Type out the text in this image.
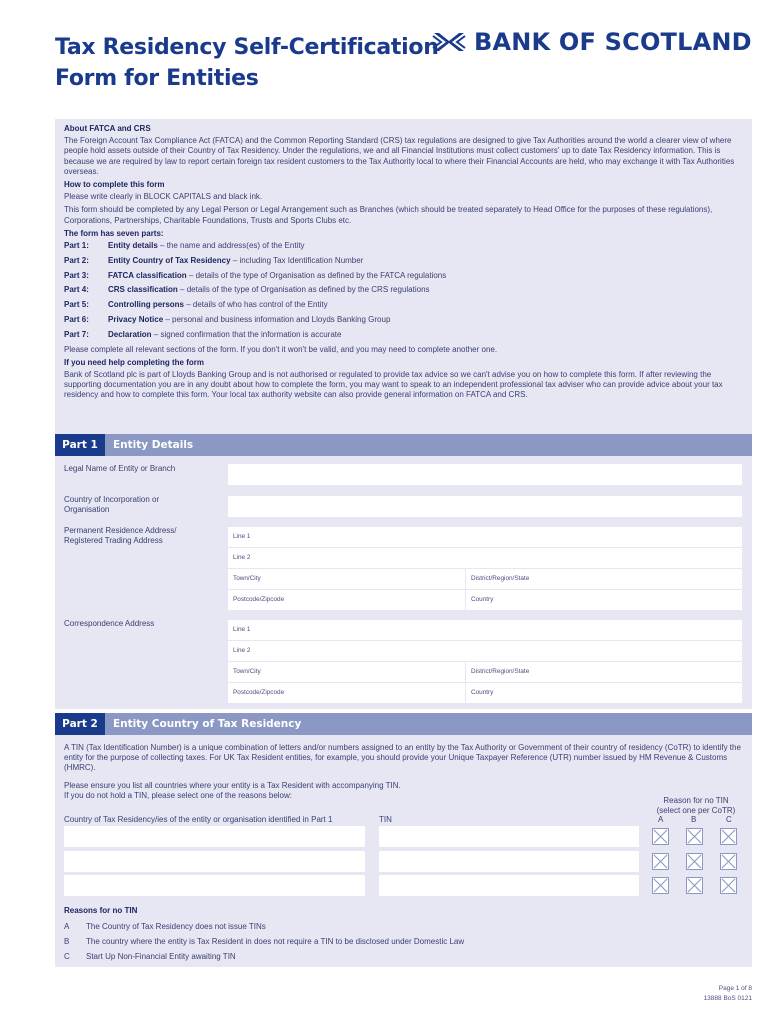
Tax Residency Self-Certification
Form for Entities
BANK OF SCOTLAND

About FATCA and CRS

The Foreign Account Tax Compliance Act (FATCA) and the Common Reporting Standard (CRS) tax regulations are designed to give Tax Authorities around the world a clearer view of where people hold assets outside of their Country of Tax Residency. Under the regulations, we and all Financial Institutions must collect customers' up to date Tax Residency information. This is because we are required by law to report certain foreign tax resident customers to the Tax Authority local to where their Financial Accounts are held, who may exchange it with Tax Authorities overseas.

How to complete this form

Please write clearly in BLOCK CAPITALS and black ink.

This form should be completed by any Legal Person or Legal Arrangement such as Branches (which should be treated separately to Head Office for the purposes of these regulations), Corporations, Partnerships, Charitable Foundations, Trusts and Sports Clubs etc.

The form has seven parts:

Part 1:	Entity details – the name and address(es) of the Entity
Part 2:	Entity Country of Tax Residency – including Tax Identification Number
Part 3:	FATCA classification – details of the type of Organisation as defined by the FATCA regulations
Part 4:	CRS classification – details of the type of Organisation as defined by the CRS regulations
Part 5:	Controlling persons – details of who has control of the Entity
Part 6:	Privacy Notice – personal and business information and Lloyds Banking Group
Part 7:	Declaration – signed confirmation that the information is accurate

Please complete all relevant sections of the form. If you don't it won't be valid, and you may need to complete another one.

If you need help completing the form

Bank of Scotland plc is part of Lloyds Banking Group and is not authorised or regulated to provide tax advice so we can't advise you on how to complete this form. If after reviewing the supporting documentation you are in any doubt about how to complete the form, you may want to speak to an independent professional tax adviser who can provide advice about your tax residency and how to complete this form. Your local tax authority website can also provide general information on FATCA and CRS.

Part 1	Entity Details
Legal Name of Entity or Branch
Country of Incorporation or Organisation
Permanent Residence Address/ Registered Trading Address	Line 1
Line 2
Town/City	District/Region/State
Postcode/Zipcode	Country
Correspondence Address
Line 1
Line 2
Town/City	District/Region/State
Postcode/Zipcode	Country
Part 2	Entity Country of Tax Residency
A TIN (Tax Identification Number) is a unique combination of letters and/or numbers assigned to an entity by the Tax Authority or Government of their country of residency (CoTR) to identify the entity for the purpose of collecting taxes. For UK Tax Resident entities, for example, you should provide your Unique Taxpayer Reference (UTR) number issued by HM Revenue & Customs (HMRC).
Please ensure you list all countries where your entity is a Tax Resident with accompanying TIN.
If you do not hold a TIN, please select one of the reasons below:
Reason for no TIN
(select one per CoTR)
Country of Tax Residency/ies of the entity or organisation identified in Part 1	TIN	A	B	C
Reasons for no TIN
A The Country of Tax Residency does not issue TINs
B The country where the entity is Tax Resident in does not require a TIN to be disclosed under Domestic Law
C Start Up Non-Financial Entity awaiting TIN
Page 1 of 8
13888 BoS 0121
